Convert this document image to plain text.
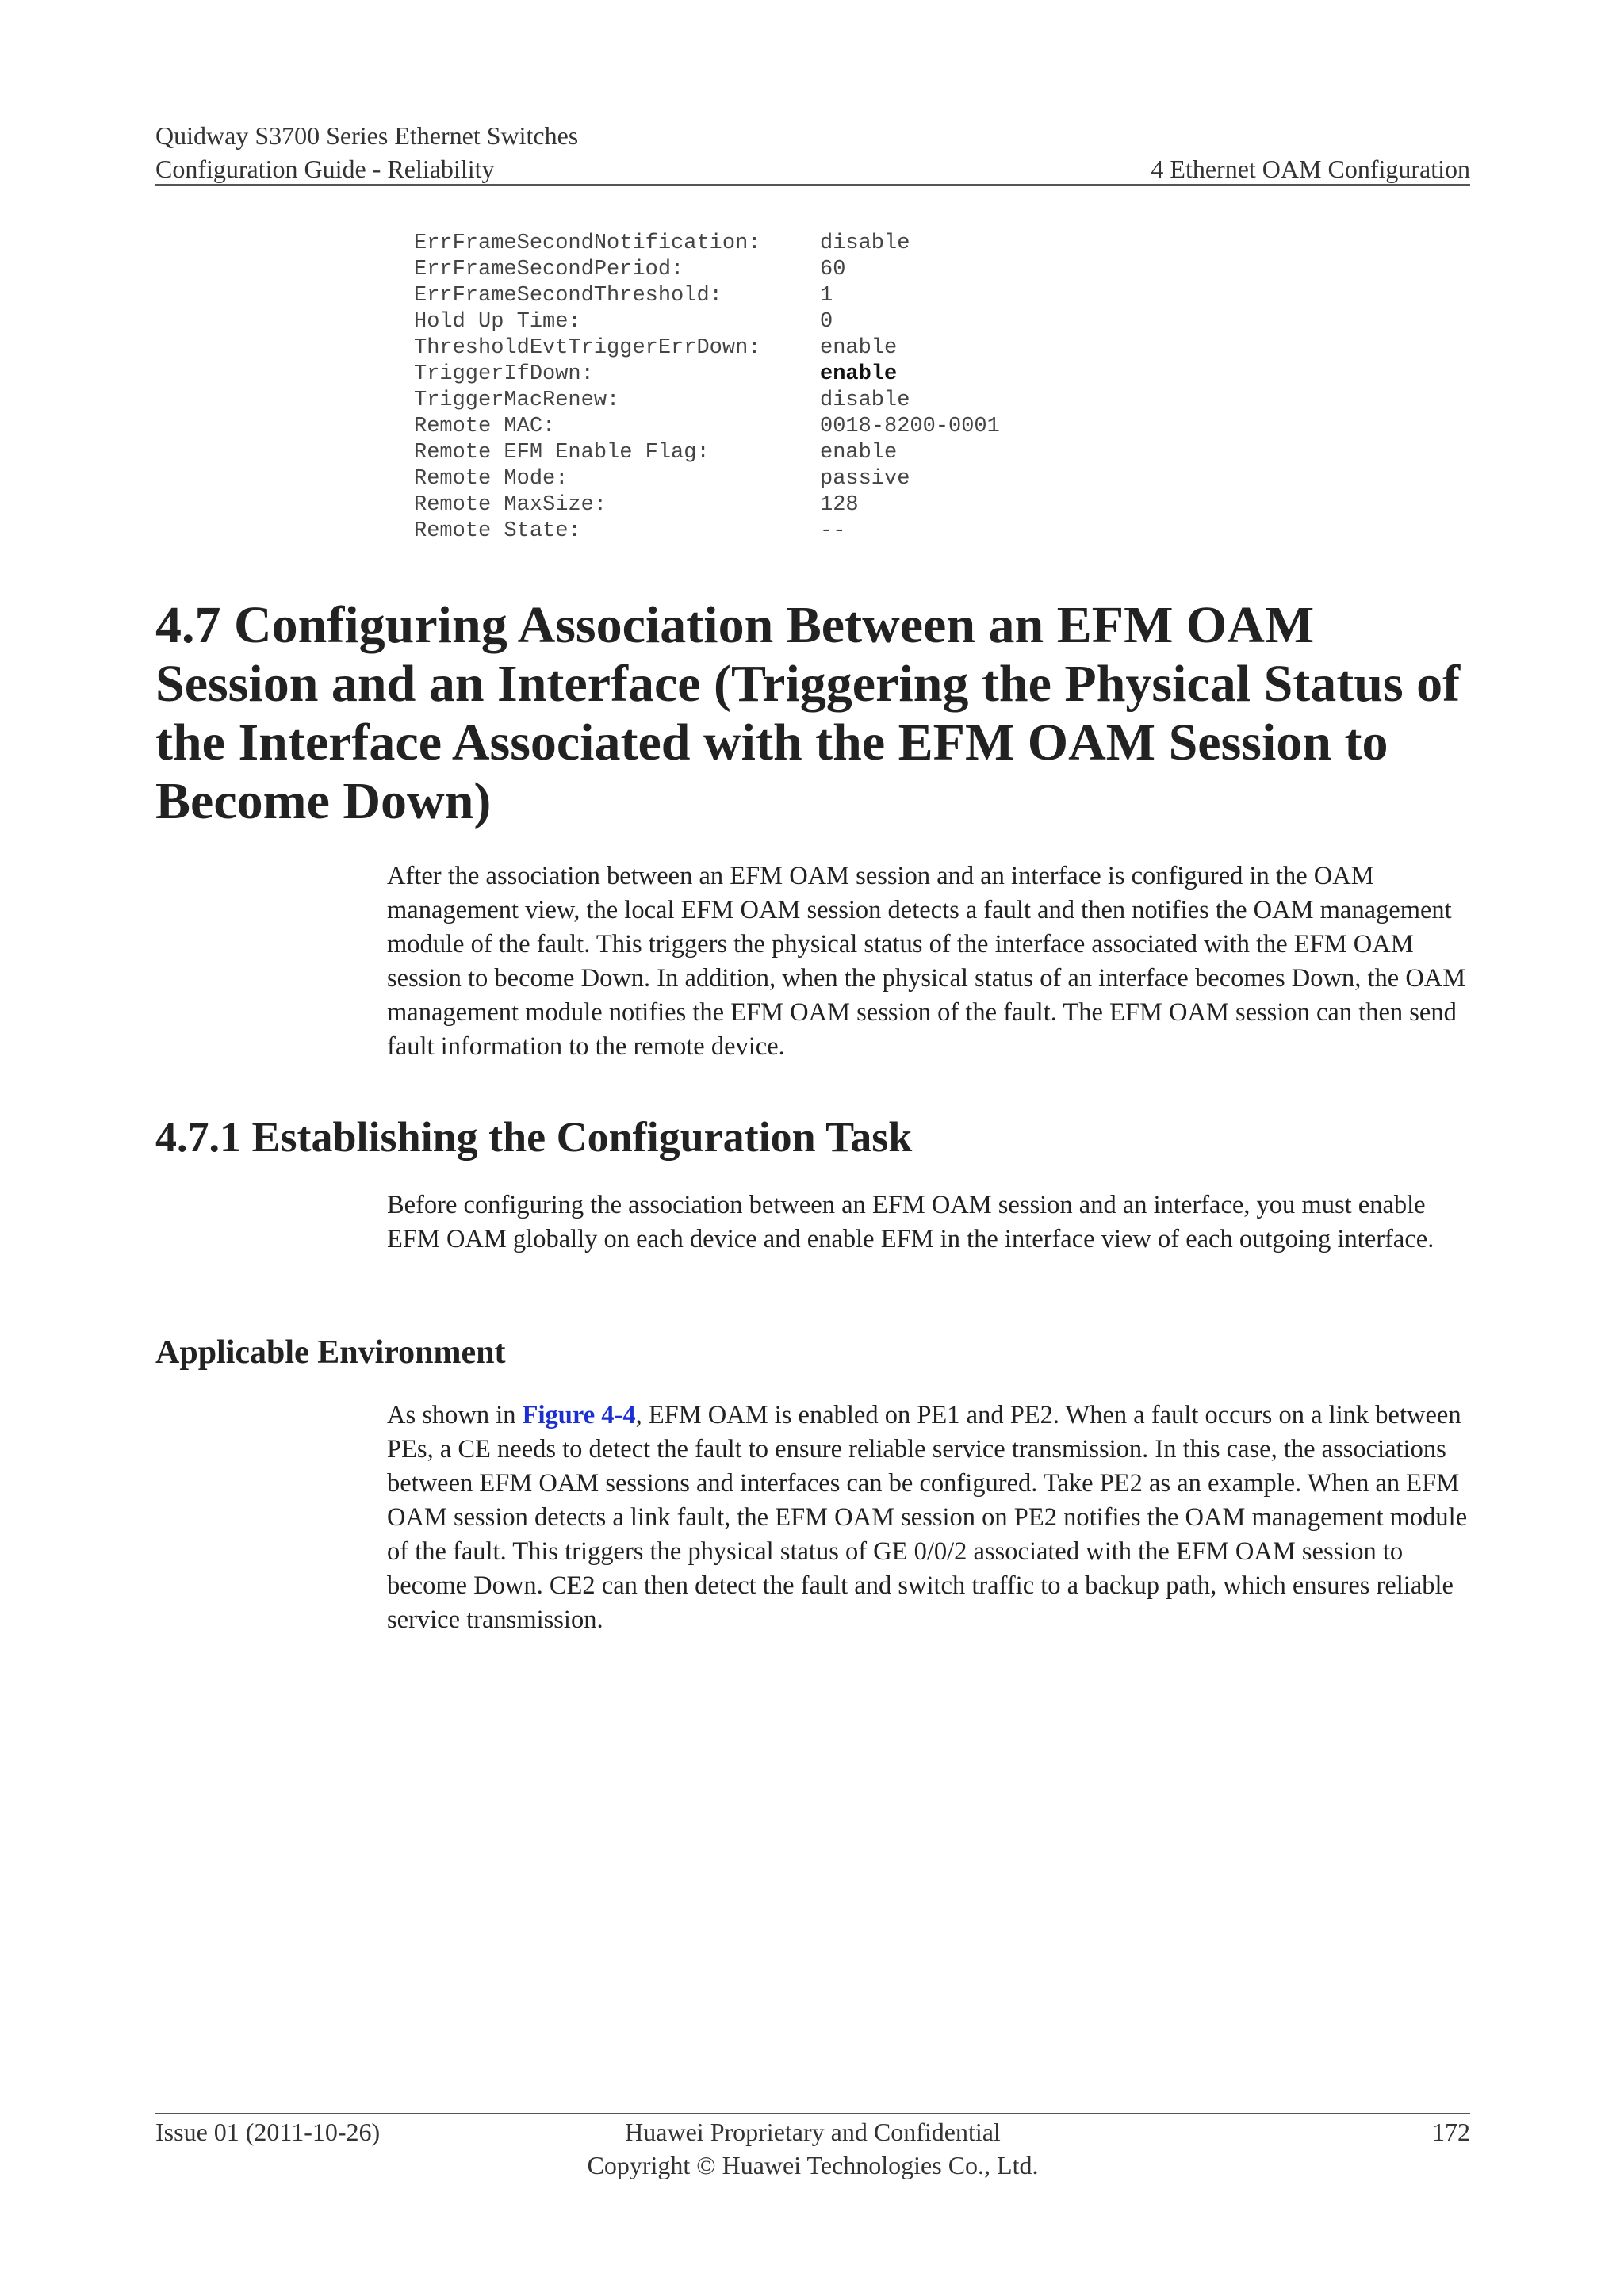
Quidway S3700 Series Ethernet Switches
Configuration Guide - Reliability	4 Ethernet OAM Configuration
ErrFrameSecondNotification:	disable
ErrFrameSecondPeriod:	60
ErrFrameSecondThreshold:	1
Hold Up Time:	0
ThresholdEvtTriggerErrDown:	enable
TriggerIfDown:	enable
TriggerMacRenew:	disable
Remote MAC:	0018-8200-0001
Remote EFM Enable Flag:	enable
Remote Mode:	passive
Remote MaxSize:	128
Remote State:	--
4.7 Configuring Association Between an EFM OAM Session and an Interface (Triggering the Physical Status of the Interface Associated with the EFM OAM Session to Become Down)

After the association between an EFM OAM session and an interface is configured in the OAM management view, the local EFM OAM session detects a fault and then notifies the OAM management module of the fault. This triggers the physical status of the interface associated with the EFM OAM session to become Down. In addition, when the physical status of an interface becomes Down, the OAM management module notifies the EFM OAM session of the fault. The EFM OAM session can then send fault information to the remote device.

4.7.1 Establishing the Configuration Task

Before configuring the association between an EFM OAM session and an interface, you must enable EFM OAM globally on each device and enable EFM in the interface view of each outgoing interface.

Applicable Environment

As shown in Figure 4-4, EFM OAM is enabled on PE1 and PE2. When a fault occurs on a link between PEs, a CE needs to detect the fault to ensure reliable service transmission. In this case, the associations between EFM OAM sessions and interfaces can be configured. Take PE2 as an example. When an EFM OAM session detects a link fault, the EFM OAM session on PE2 notifies the OAM management module of the fault. This triggers the physical status of GE 0/0/2 associated with the EFM OAM session to become Down. CE2 can then detect the fault and switch traffic to a backup path, which ensures reliable service transmission.

Issue 01 (2011-10-26)	Huawei Proprietary and Confidential
Copyright © Huawei Technologies Co., Ltd.
172
